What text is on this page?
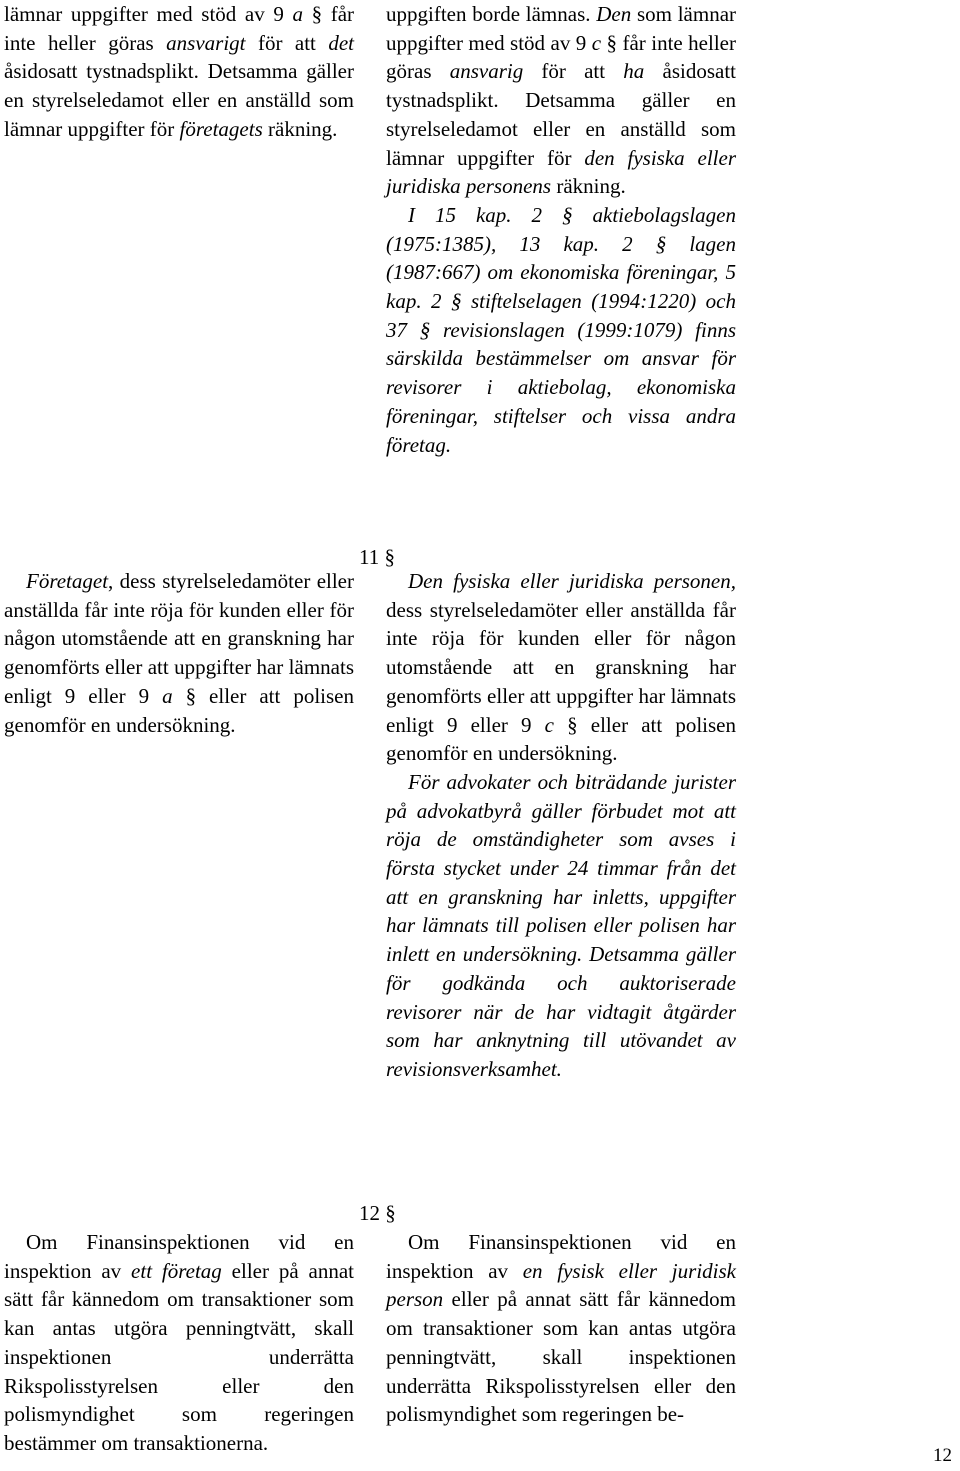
lämnar uppgifter med stöd av 9 a § får inte heller göras ansvarigt för att det åsidosatt tystnadsplikt. Detsamma gäller en styrelseledamot eller en anställd som lämnar uppgifter för företagets räkning.

Företaget, dess styrelseledamöter eller anställda får inte röja för kunden eller för någon utomstående att en granskning har genomförts eller att uppgifter har lämnats enligt 9 eller 9 a § eller att polisen genomför en undersökning.

Om Finansinspektionen vid en inspektion av ett företag eller på annat sätt får kännedom om transaktioner som kan antas utgöra penningtvätt, skall inspektionen underrätta Rikspolisstyrelsen eller den polismyndighet som regeringen bestämmer om transaktionerna.

uppgiften borde lämnas. Den som lämnar uppgifter med stöd av 9 c § får inte heller göras ansvarig för att ha åsidosatt tystnadsplikt. Detsamma gäller en styrelseledamot eller en anställd som lämnar uppgifter för den fysiska eller juridiska personens räkning.

I 15 kap. 2 § aktiebolagslagen (1975:1385), 13 kap. 2 § lagen (1987:667) om ekonomiska föreningar, 5 kap. 2 § stiftelselagen (1994:1220) och 37 § revisionslagen (1999:1079) finns särskilda bestämmelser om ansvar för revisorer i aktiebolag, ekonomiska föreningar, stiftelser och vissa andra företag.

11 §

Den fysiska eller juridiska personen, dess styrelseledamöter eller anställda får inte röja för kunden eller för någon utomstående att en granskning har genomförts eller att uppgifter har lämnats enligt 9 eller 9 c § eller att polisen genomför en undersökning.

För advokater och biträdande jurister på advokatbyrå gäller förbudet mot att röja de omständigheter som avses i första stycket under 24 timmar från det att en granskning har inletts, uppgifter har lämnats till polisen eller polisen har inlett en undersökning. Detsamma gäller för godkända och auktoriserade revisorer när de har vidtagit åtgärder som har anknytning till utövandet av revisionsverksamhet.

12 §

Om Finansinspektionen vid en inspektion av en fysisk eller juridisk person eller på annat sätt får kännedom om transaktioner som kan antas utgöra penningtvätt, skall inspektionen underrätta Rikspolisstyrelsen eller den polismyndighet som regeringen be-

12
